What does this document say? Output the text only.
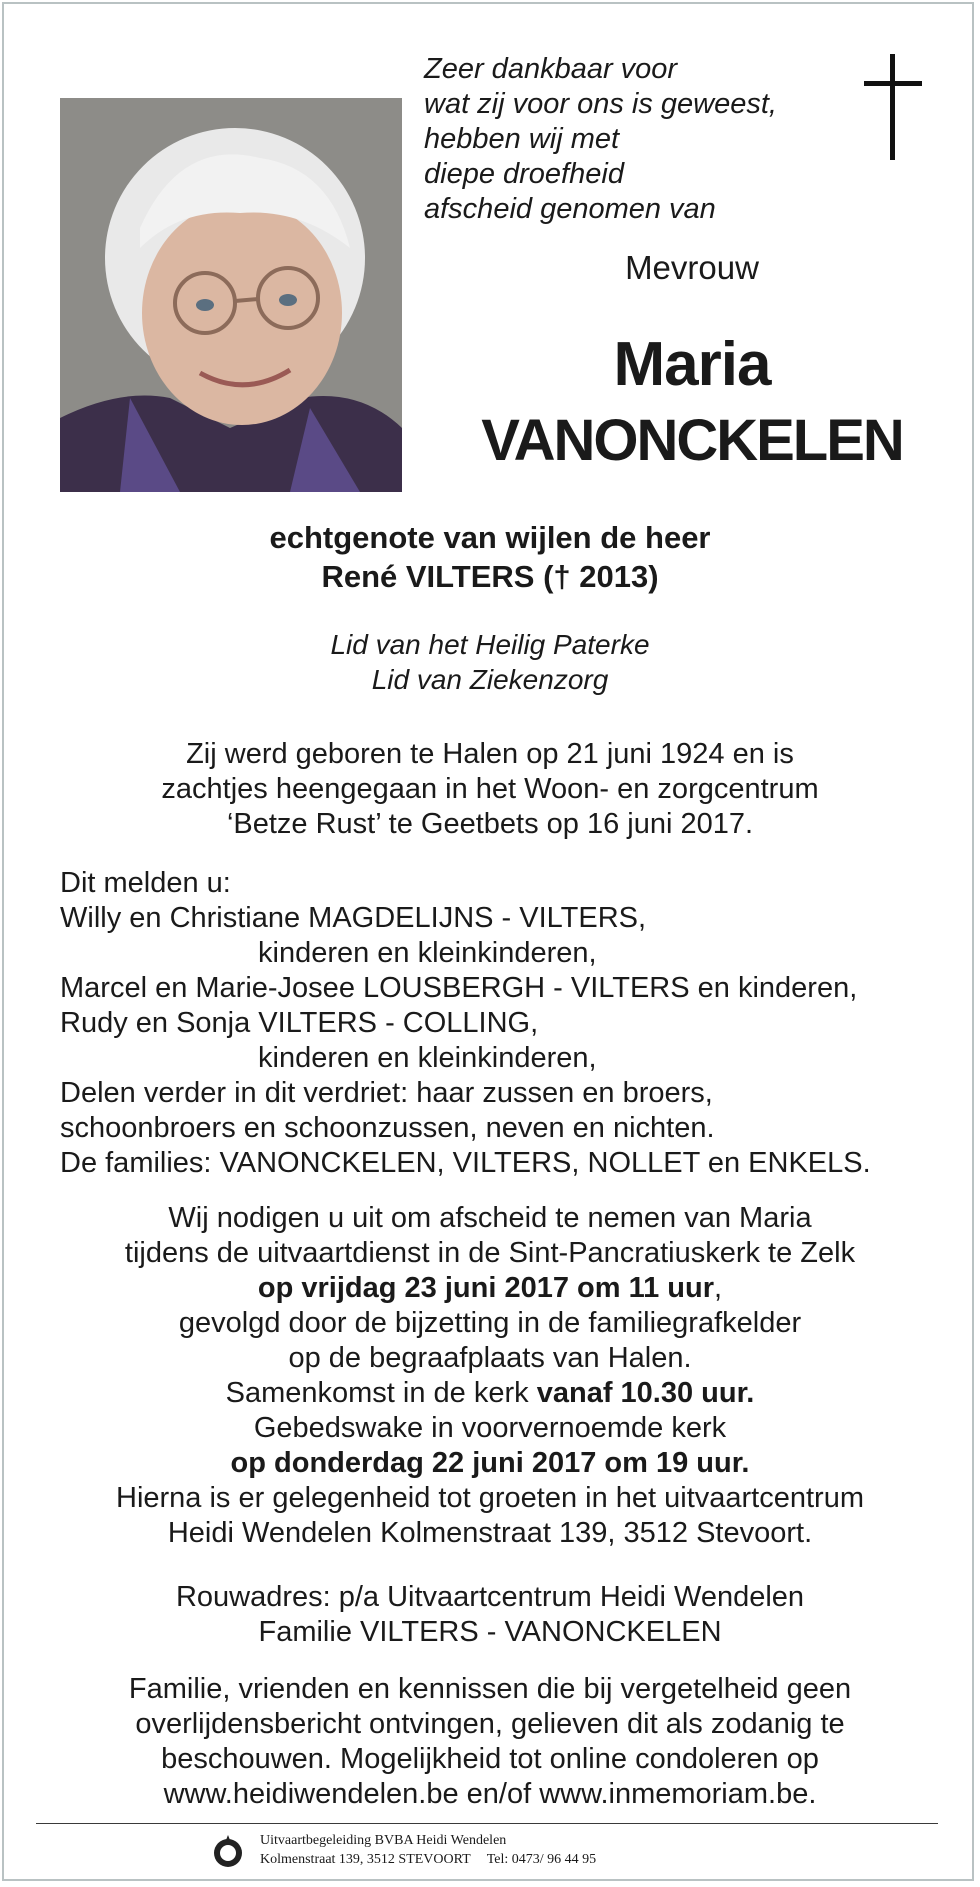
Zeer dankbaar voor
wat zij voor ons is geweest,
hebben wij met
diepe droefheid
afscheid genomen van
Mevrouw
Maria
VANONCKELEN
echtgenote van wijlen de heer
René VILTERS († 2013)
Lid van het Heilig Paterke
Lid van Ziekenzorg
Zij werd geboren te Halen op 21 juni 1924 en is
zachtjes heengegaan in het Woon- en zorgcentrum
‘Betze Rust’ te Geetbets op 16 juni 2017.
Dit melden u:
Willy en Christiane MAGDELIJNS - VILTERS,
kinderen en kleinkinderen,
Marcel en Marie-Josee LOUSBERGH - VILTERS en kinderen,
Rudy en Sonja VILTERS - COLLING,
kinderen en kleinkinderen,
Delen verder in dit verdriet: haar zussen en broers,
schoonbroers en schoonzussen, neven en nichten.
De families: VANONCKELEN, VILTERS, NOLLET en ENKELS.
Wij nodigen u uit om afscheid te nemen van Maria
tijdens de uitvaartdienst in de Sint-Pancratiuskerk te Zelk
op vrijdag 23 juni 2017 om 11 uur,
gevolgd door de bijzetting in de familiegrafkelder
op de begraafplaats van Halen.
Samenkomst in de kerk vanaf 10.30 uur.
Gebedswake in voorvernoemde kerk
op donderdag 22 juni 2017 om 19 uur.
Hierna is er gelegenheid tot groeten in het uitvaartcentrum
Heidi Wendelen Kolmenstraat 139, 3512 Stevoort.
Rouwadres: p/a Uitvaartcentrum Heidi Wendelen
Familie VILTERS - VANONCKELEN
Familie, vrienden en kennissen die bij vergetelheid geen
overlijdensbericht ontvingen, gelieven dit als zodanig te
beschouwen. Mogelijkheid tot online condoleren op
www.heidiwendelen.be en/of www.inmemoriam.be.
Uitvaartbegeleiding BVBA Heidi Wendelen
Kolmenstraat 139, 3512 STEVOORT Tel: 0473/ 96 44 95
